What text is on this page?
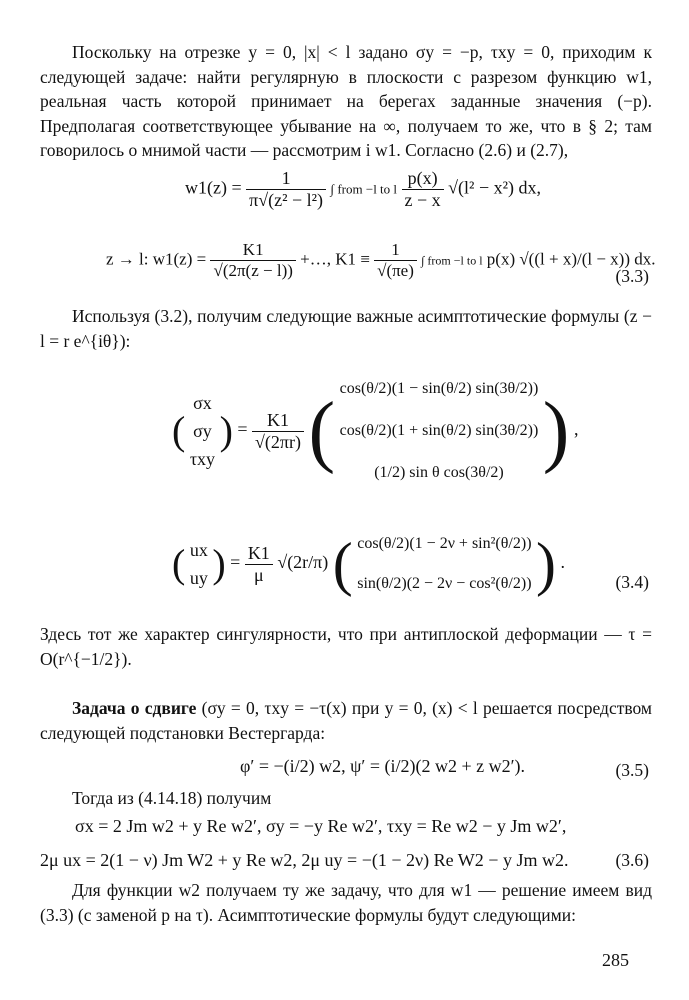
Поскольку на отрезке y = 0, |x| < l задано σy = −p, τxy = 0, приходим к следующей задаче: найти регулярную в плоскости с разрезом функцию w1, реальная часть которой принимает на берегах заданные значения (−p). Предполагая соответствующее убывание на ∞, получаем то же, что в § 2; там говорилось о мнимой части — рассмотрим i w1. Согласно (2.6) и (2.7),

$w1(z) = \frac{1}{\text{π√(z² − l²)}}$ ∫ from −l to l $\frac{p(x)}{z - x} √(l^2 - x^2)$ dx,
z → l: $w1(z) = \frac{K1}{√(2\pi(z - l))}$ +…, $K1 \equiv \frac{1}{√(\pi e)}$ ∫ from −l to l p(x) √((l + x)/(l − x)) dx.
(3.3)

Используя (3.2), получим следующие важные асимптотические формулы (z − l = r e^{iθ}):

(
σx
σy
τxy
) = $\frac{K1}{√(2\pi r)}$ ( cos(θ/2)(1 − sin(θ/2) sin(3θ/2))
cos(θ/2)(1 + sin(θ/2) sin(3θ/2))
(1/2) sin θ cos(3θ/2) ) ,
( ux
uy ) = $\frac{K1}{\mu} √(2r/\pi)$ ( cos(θ/2)(1 − 2ν + sin²(θ/2))
sin(θ/2)(2 − 2ν − cos²(θ/2)) ) .
(3.4)

Здесь тот же характер сингулярности, что при антиплоской деформации — τ = O(r^{−1/2}).

Задача о сдвиге (σy = 0, τxy = −τ(x) при y = 0, (x) < l решается посредством следующей подстановки Вестергарда:

φ′ = −(i/2) w2, ψ′ = (i/2)(2 w2 + z w2′).	(3.5)

Тогда из (4.14.18) получим

σx = 2 Jm w2 + y Re w2′, σy = −y Re w2′, τxy = Re w2 − y Jm w2′,
2μ ux = 2(1 − ν) Jm W2 + y Re w2, 2μ uy = −(1 − 2ν) Re W2 − y Jm w2.	(3.6)

Для функции w2 получаем ту же задачу, что для w1 — решение имеем вид (3.3) (с заменой p на τ). Асимптотические формулы будут следующими:

285
